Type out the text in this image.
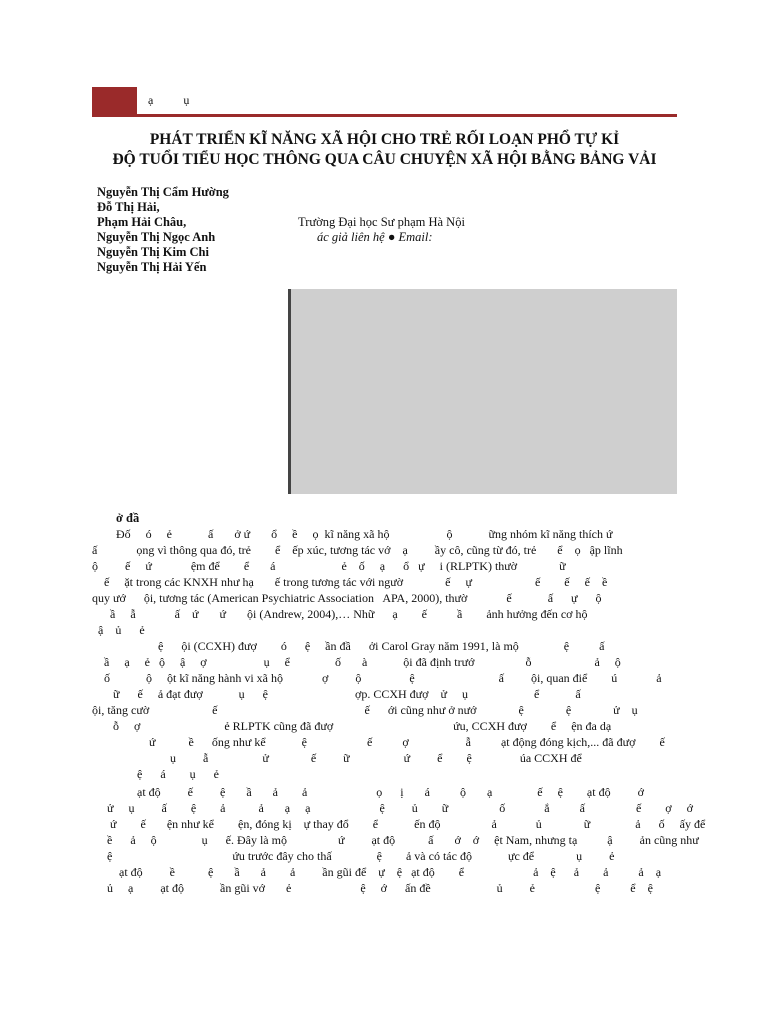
ạ          ụ
PHÁT TRIỂN KĨ NĂNG XÃ HỘI CHO TRẺ RỐI LOẠN PHỔ TỰ KỈ
ĐỘ TUỔI TIỂU HỌC THÔNG QUA CÂU CHUYỆN XÃ HỘI BẰNG BẢNG VẢI
Nguyễn Thị Cẩm Hường
Đỗ Thị Hải,
Phạm Hải Châu,
Nguyễn Thị Ngọc Anh
Nguyễn Thị Kim Chi
Nguyễn Thị Hải Yến
Trường Đại học Sư phạm Hà Nội
ác giả liên hệ ● Email:
ở đầ
Đố     ó     ẻ            ấ       ở ứ       ổ     ề     ọ  kĩ năng xã hộ                   ộ            ững nhóm kĩ năng thích ứ
ấ             ọng vì thông qua đó, trẻ        ể    ếp xúc, tương tác vớ    ạ         ầy cô, cũng từ đó, trẻ       ể    ọ   ập lĩnh
ộ         ế     ứ             ệm để        ể       á                      ẻ    ố     ạ      ổ   ự     i (RLPTK) thườ              ữ
ế     ặt trong các KNXH như hạ       ế trong tương tác với ngườ              ế     ự                     ế        ế     ế    ề
quy ướ      ội, tương tác (American Psychiatric Association   APA, 2000), thườ             ế            ấ      ự      ộ
ầ     ẫ             ấ    ứ       ứ       ội (Andrew, 2004),… Nhữ      ạ        ế          ầ        ảnh hưởng đến cơ hộ
ậ    ủ      ẻ
ệ      ội (CCXH) đượ        ó      ệ     ần đầ      ởi Carol Gray năm 1991, là mộ               ệ          ấ
ầ     ạ     ẻ   ộ     ậ     ợ                   ụ     ể               ố       à            ội đã định trướ                 ỗ                     ả     ộ
ố            ộ     ột kĩ năng hành vi xã hộ             ợ         ộ                ệ                            ấ         ội, quan điể        ú             ả
ữ      ế     ả đạt đượ            ụ      ệ                             ợp. CCXH đượ    ử     ụ                      ể            ấ
ội, tăng cườ                     ế                                                 ế      ới cũng như ở nướ              ệ              ệ              ử    ụ
ỗ     ợ                            ẻ RLPTK cũng đã đượ                                        ứu, CCXH đượ        ể     ện đa dạ
ứ           ề      ống như kể            ệ                    ế          ợ                   ẫ          ạt động đóng kịch,... đã đượ        ế
ụ         ẫ                  ử              ế         ữ                  ứ         ể        ệ                úa CCXH để
ệ      á        ụ      ẻ
ạt độ         ế         ệ       ầ       ả        ả                       ọ      ị       á          ộ       ạ               ế     ệ        ạt độ         ớ
ử     ụ         ấ        ệ        ả           ả       ạ     ạ                       ệ         ủ        ữ                 ố             ắ          ấ                 ế        ợ     ớ
ứ        ế       ện như kể        ện, đóng kị    ự thay đổ        ể            ến độ                 ả             ủ              ữ               ả      ố     ấy để
ề      ả     ộ               ụ      ế. Đây là mộ                 ứ         ạt độ           ấ       ớ    ớ     ệt Nam, nhưng tạ          ậ         ản cũng như
ệ                                        ứu trước đây cho thấ               ệ        ả và có tác độ            ực để              ụ         ẻ
ạt độ         ề           ệ       ầ       ả        ả         ần gũi để    ự    ệ   ạt độ        ể                       ả    ệ      ả        ả          ả    ạ
ủ     ạ         ạt độ            ần gũi vớ       ẻ                       ệ     ớ      ấn đề                      ủ         ẻ                    ệ          ể    ệ
